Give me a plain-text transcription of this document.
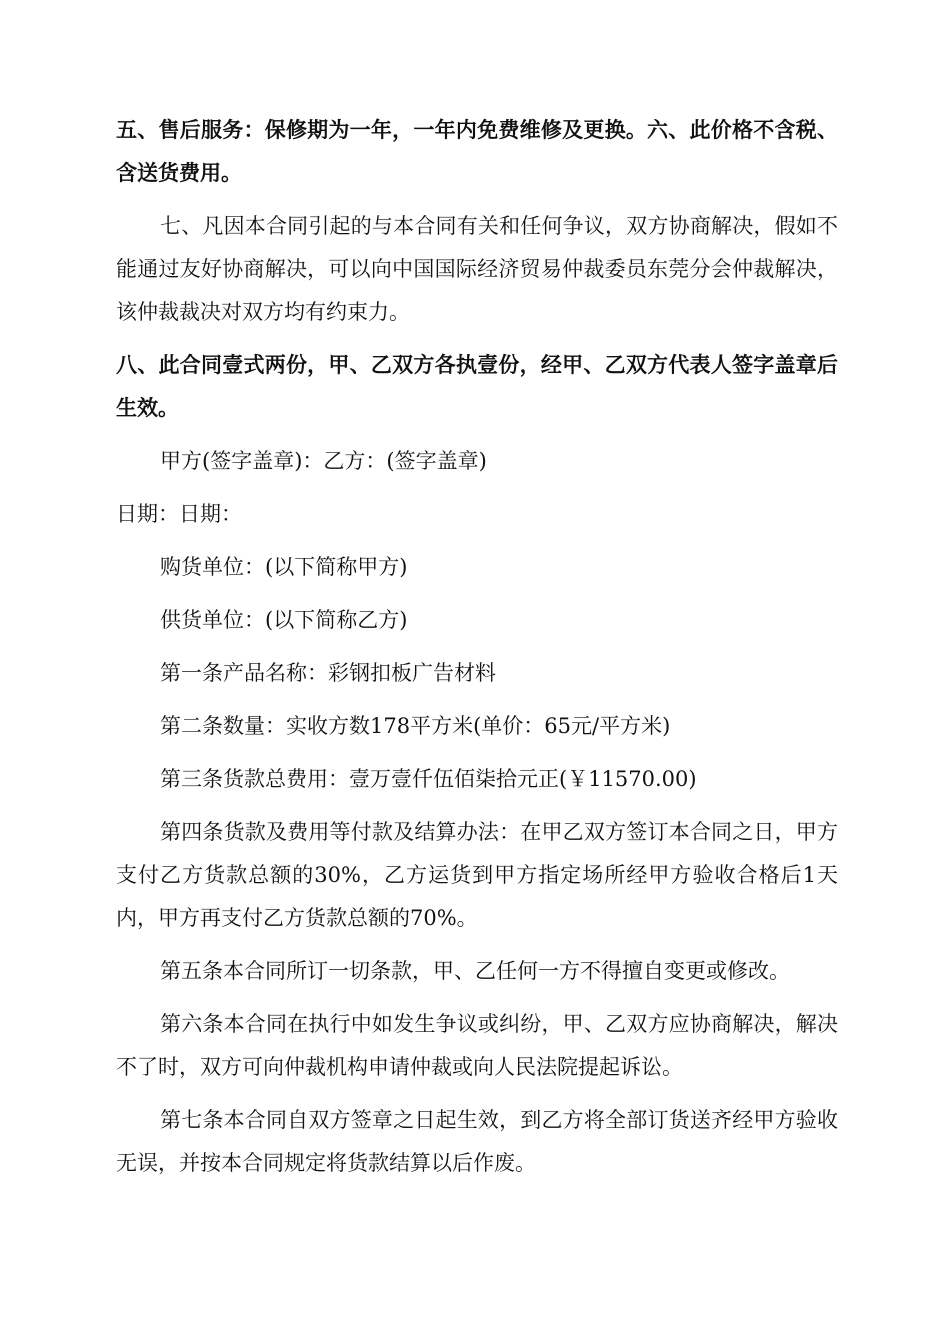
五、售后服务：保修期为一年，一年内免费维修及更换。六、此价格不含税、含送货费用。

七、凡因本合同引起的与本合同有关和任何争议，双方协商解决，假如不能通过友好协商解决，可以向中国国际经济贸易仲裁委员东莞分会仲裁解决，该仲裁裁决对双方均有约束力。

八、此合同壹式两份，甲、乙双方各执壹份，经甲、乙双方代表人签字盖章后生效。

甲方(签字盖章)：乙方：(签字盖章)

日期：日期：

购货单位：(以下简称甲方)

供货单位：(以下简称乙方)

第一条产品名称：彩钢扣板广告材料

第二条数量：实收方数178平方米(单价：65元/平方米)

第三条货款总费用：壹万壹仟伍佰柒拾元正(￥11570.00)

第四条货款及费用等付款及结算办法：在甲乙双方签订本合同之日，甲方支付乙方货款总额的30%，乙方运货到甲方指定场所经甲方验收合格后1天内，甲方再支付乙方货款总额的70%。

第五条本合同所订一切条款，甲、乙任何一方不得擅自变更或修改。

第六条本合同在执行中如发生争议或纠纷，甲、乙双方应协商解决，解决不了时，双方可向仲裁机构申请仲裁或向人民法院提起诉讼。

第七条本合同自双方签章之日起生效，到乙方将全部订货送齐经甲方验收无误，并按本合同规定将货款结算以后作废。
